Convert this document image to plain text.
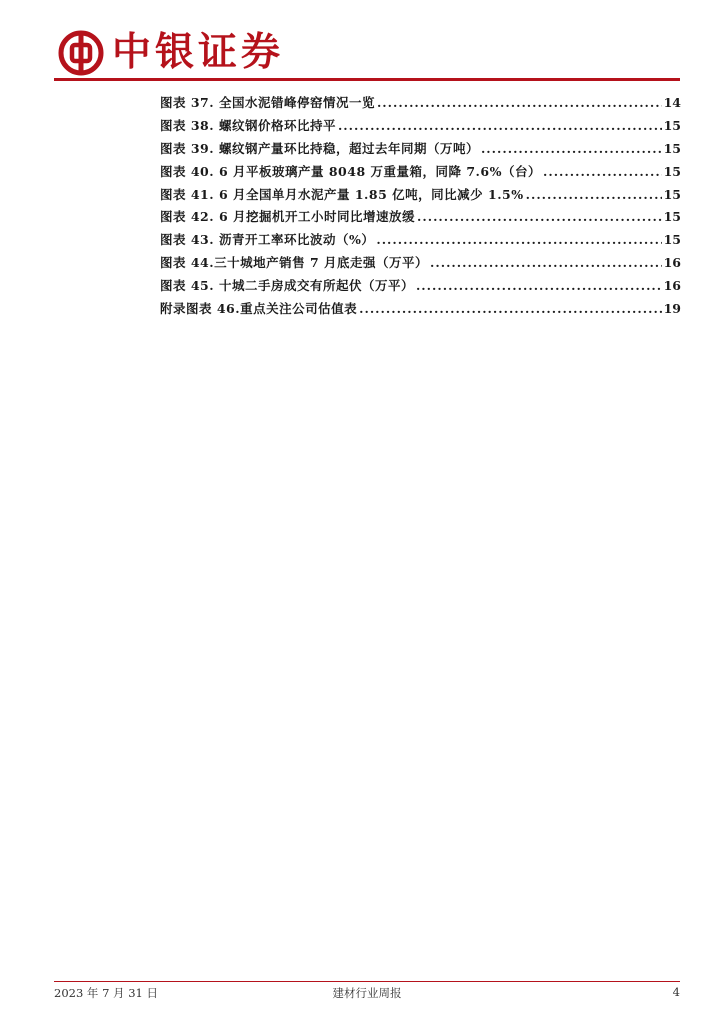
中银证券
图表 37. 全国水泥错峰停窑情况一览 .....	14
图表 38. 螺纹钢价格环比持平 .....	15
图表 39. 螺纹钢产量环比持稳，超过去年同期（万吨） .....	15
图表 40. 6 月平板玻璃产量 8048 万重量箱，同降 7.6%（台） .....	15
图表 41. 6 月全国单月水泥产量 1.85 亿吨，同比减少 1.5% .....	15
图表 42. 6 月挖掘机开工小时同比增速放缓 .....	15
图表 43. 沥青开工率环比波动（%） .....	15
图表 44.三十城地产销售 7 月底走强（万平） .....	16
图表 45. 十城二手房成交有所起伏（万平） .....	16
附录图表 46.重点关注公司估值表 .....	19
2023 年 7 月 31 日	建材行业周报	4
